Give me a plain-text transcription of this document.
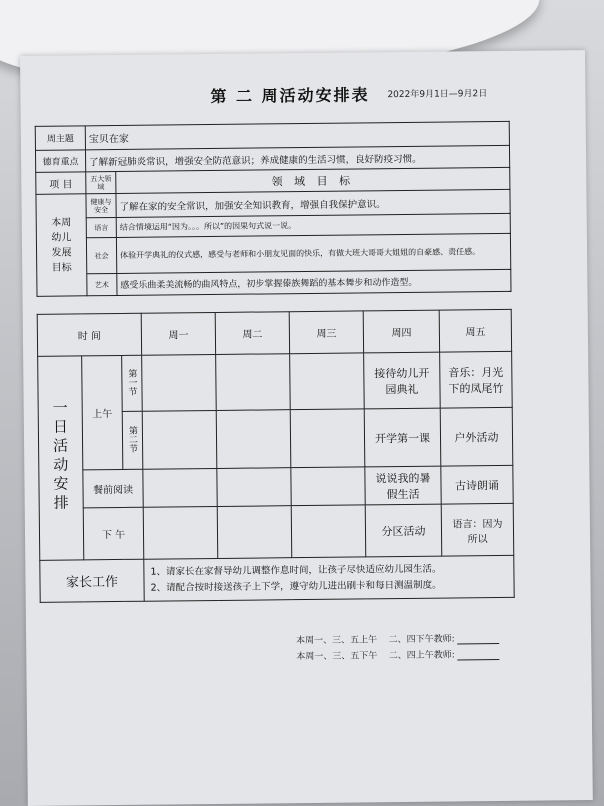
第 二 周活动安排表 2022年9月1日—9月2日
周主题	宝贝在家	
德育重点	了解新冠肺炎常识，增强安全防范意识；养成健康的生活习惯，良好防疫习惯。	
项 目	五大领域	领 域 目 标
本周幼儿发展目标	健康与安全	了解在家的安全常识，加强安全知识教育，增强自我保护意识。
	语言	结合情境运用“因为。。。所以”的因果句式说一说。
	社会	体验开学典礼的仪式感，感受与老师和小朋友见面的快乐，有做大班大哥哥大姐姐的自豪感、责任感。
	艺术	感受乐曲柔美流畅的曲风特点，初步掌握傣族舞蹈的基本舞步和动作造型。
时 间			周一	周二	周三	周四	周五
一日活动安排	上午	第一节				接待幼儿开园典礼	音乐：月光下的凤尾竹
		第二节				开学第一课	户外活动
	餐前阅读					说说我的暑假生活	古诗朗诵
	下 午					分区活动	语言：因为所以
家长工作			1、请家长在家督导幼儿调整作息时间，让孩子尽快适应幼儿园生活。
2、请配合按时接送孩子上下学，遵守幼儿进出刷卡和每日测温制度。				
本周一、三、五上午    二、四下午教师:
本周一、三、五下午    二、四上午教师:
